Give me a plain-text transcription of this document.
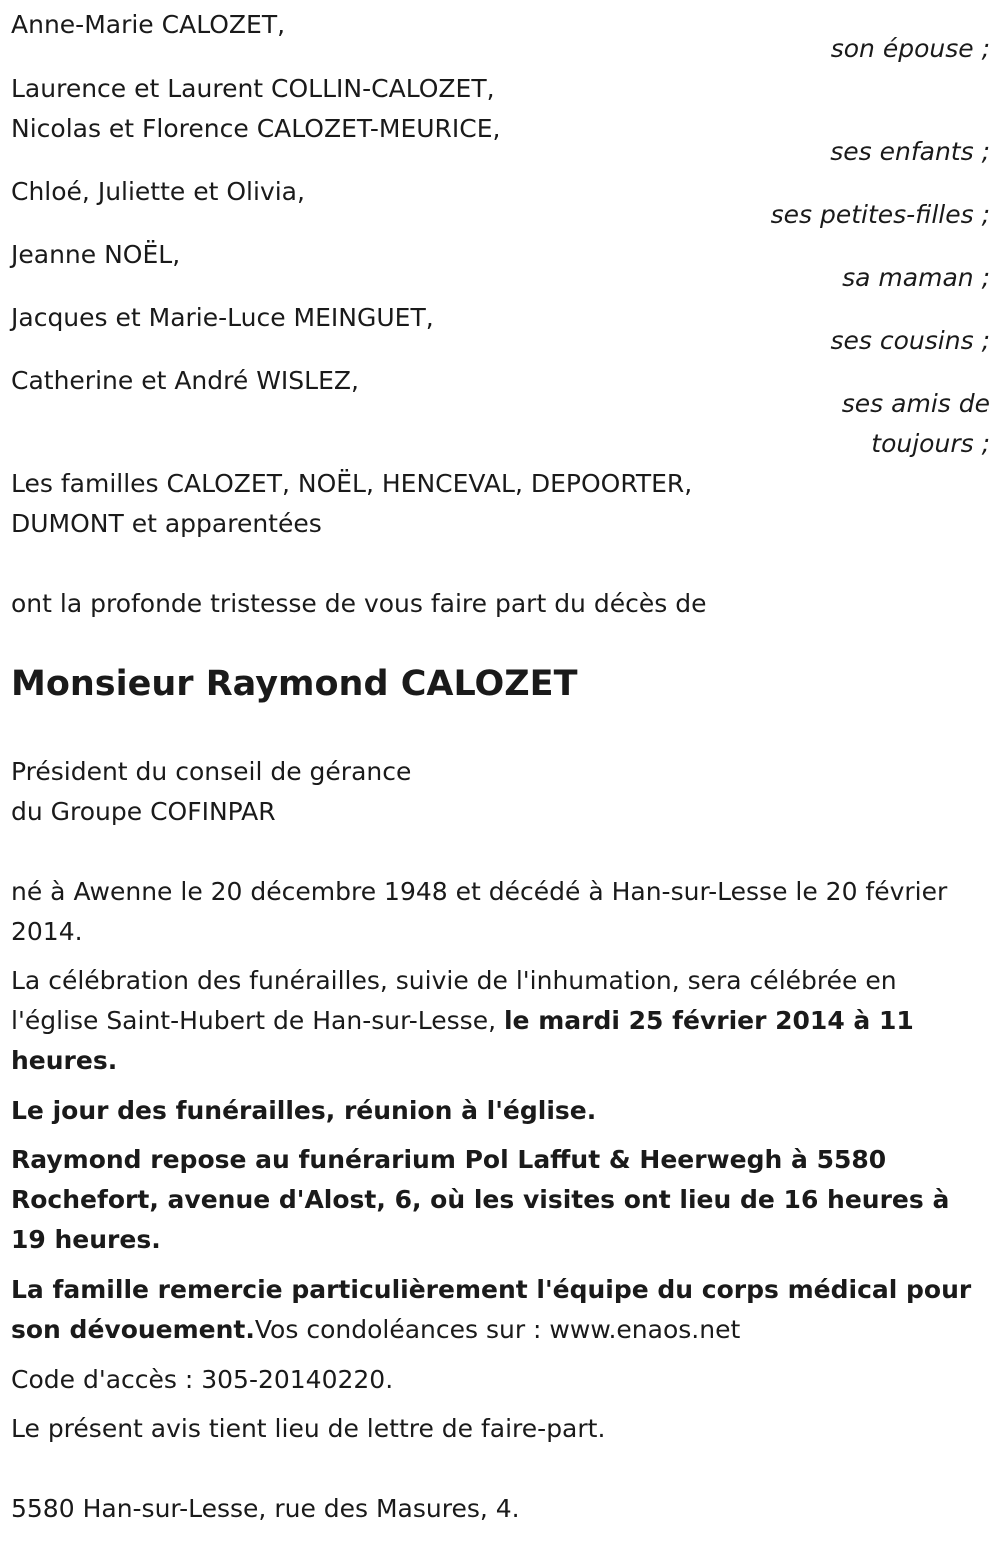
Anne-Marie CALOZET,

son épouse ;

Laurence et Laurent COLLIN-CALOZET,

Nicolas et Florence CALOZET-MEURICE,

ses enfants ;

Chloé, Juliette et Olivia,

ses petites-filles ;

Jeanne NOËL,

sa maman ;

Jacques et Marie-Luce MEINGUET,

ses cousins ;

Catherine et André WISLEZ,

ses amis de

toujours ;

Les familles CALOZET, NOËL, HENCEVAL, DEPOORTER,

DUMONT et apparentées

ont la profonde tristesse de vous faire part du décès de

Monsieur Raymond CALOZET

Président du conseil de gérance

du Groupe COFINPAR

né à Awenne le 20 décembre 1948 et décédé à Han-sur-Lesse le 20 février 2014.

La célébration des funérailles, suivie de l'inhumation, sera célébrée en l'église Saint-Hubert de Han-sur-Lesse, le mardi 25 février 2014 à 11 heures.

Le jour des funérailles, réunion à l'église.

Raymond repose au funérarium Pol Laffut & Heerwegh à 5580 Rochefort, avenue d'Alost, 6, où les visites ont lieu de 16 heures à 19 heures.

La famille remercie particulièrement l'équipe du corps médical pour son dévouement.Vos condoléances sur : www.enaos.net

Code d'accès : 305-20140220.

Le présent avis tient lieu de lettre de faire-part.

5580 Han-sur-Lesse, rue des Masures, 4.
